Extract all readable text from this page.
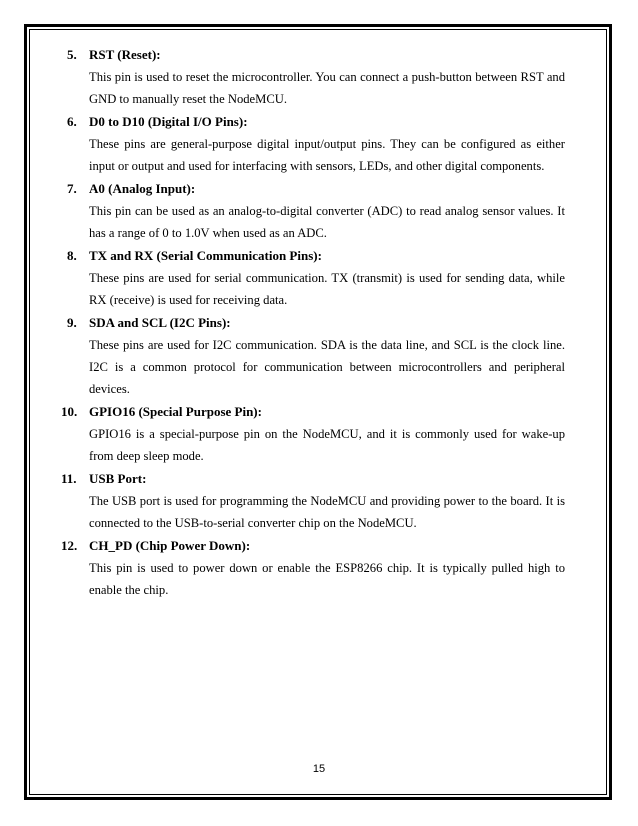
5. RST (Reset):
This pin is used to reset the microcontroller. You can connect a push-button between RST and GND to manually reset the NodeMCU.
6. D0 to D10 (Digital I/O Pins):
These pins are general-purpose digital input/output pins. They can be configured as either input or output and used for interfacing with sensors, LEDs, and other digital components.
7. A0 (Analog Input):
This pin can be used as an analog-to-digital converter (ADC) to read analog sensor values. It has a range of 0 to 1.0V when used as an ADC.
8. TX and RX (Serial Communication Pins):
These pins are used for serial communication. TX (transmit) is used for sending data, while RX (receive) is used for receiving data.
9. SDA and SCL (I2C Pins):
These pins are used for I2C communication. SDA is the data line, and SCL is the clock line. I2C is a common protocol for communication between microcontrollers and peripheral devices.
10. GPIO16 (Special Purpose Pin):
GPIO16 is a special-purpose pin on the NodeMCU, and it is commonly used for wake-up from deep sleep mode.
11. USB Port:
The USB port is used for programming the NodeMCU and providing power to the board. It is connected to the USB-to-serial converter chip on the NodeMCU.
12. CH_PD (Chip Power Down):
This pin is used to power down or enable the ESP8266 chip. It is typically pulled high to enable the chip.
15
